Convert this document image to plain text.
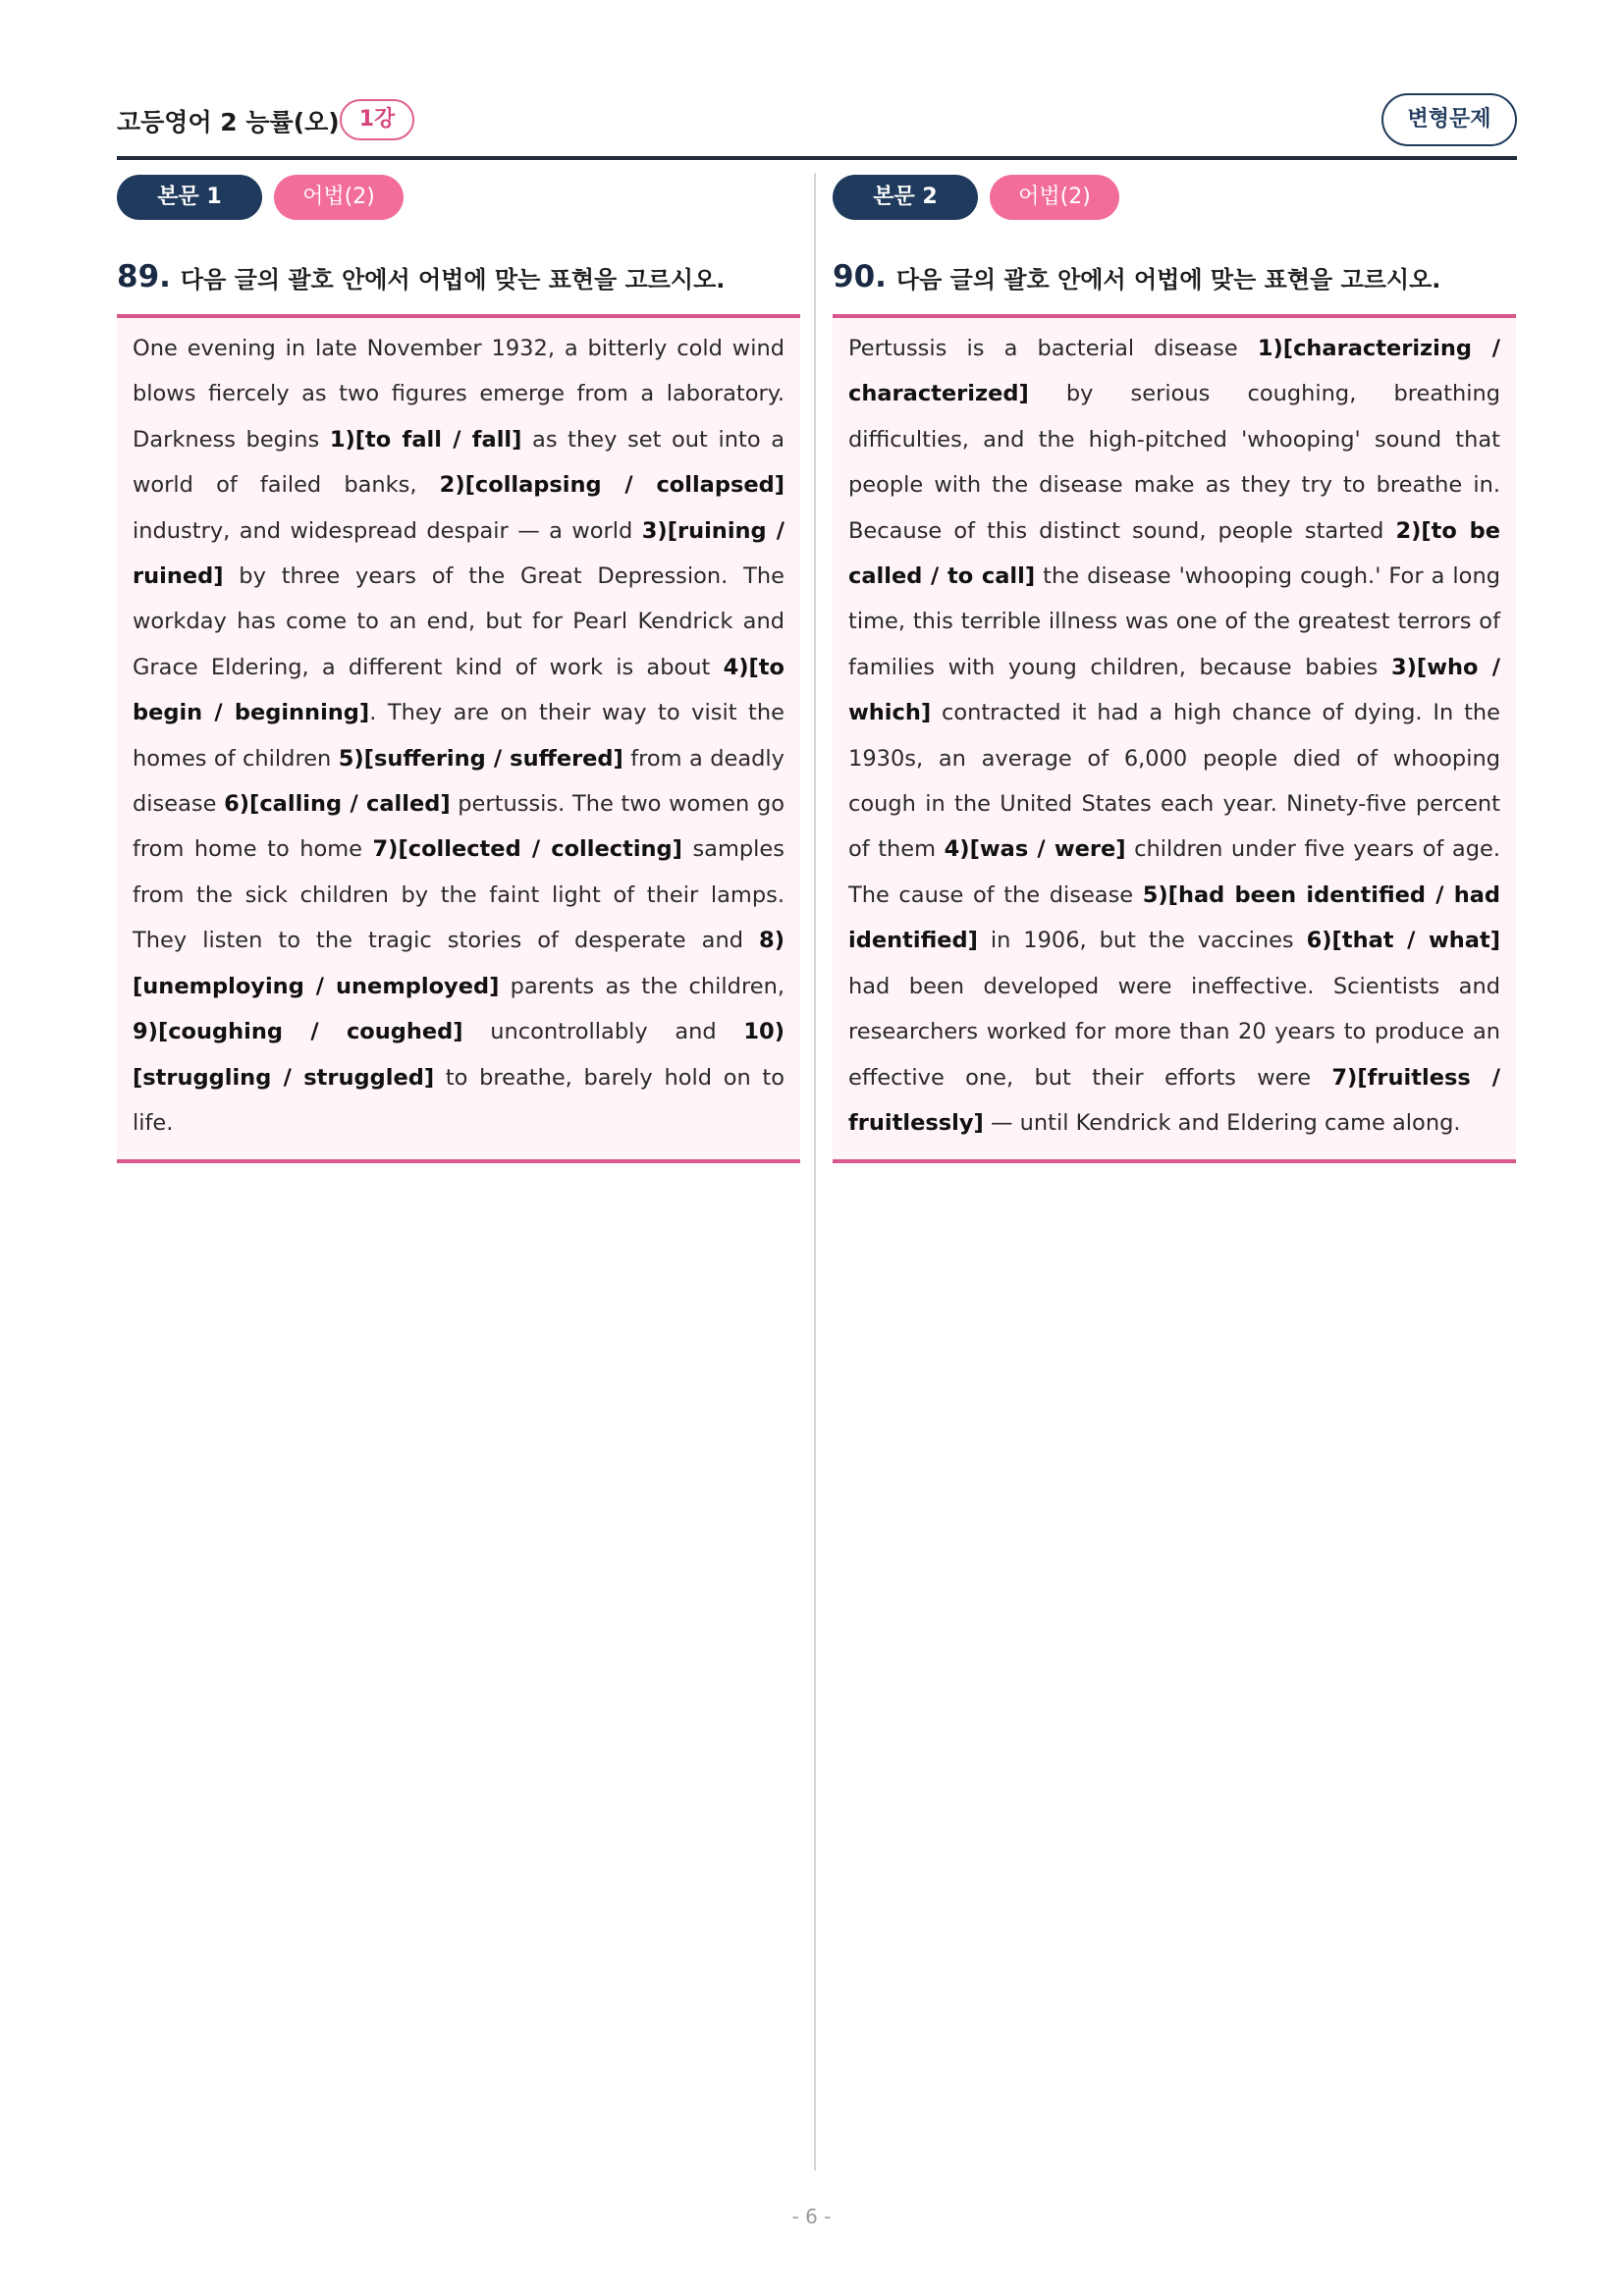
고등영어 2 능률(오) 1강	변형문제
본문 1	어법(2)
89. 다음 글의 괄호 안에서 어법에 맞는 표현을 고르시오.
One evening in late November 1932, a bitterly cold wind blows fiercely as two figures emerge from a laboratory. Darkness begins 1)[to fall / fall] as they set out into a world of failed banks, 2)[collapsing / collapsed] industry, and widespread despair — a world 3)[ruining / ruined] by three years of the Great Depression. The workday has come to an end, but for Pearl Kendrick and Grace Eldering, a different kind of work is about 4)[to begin / beginning]. They are on their way to visit the homes of children 5)[suffering / suffered] from a deadly disease 6)[calling / called] pertussis. The two women go from home to home 7)[collected / collecting] samples from the sick children by the faint light of their lamps. They listen to the tragic stories of desperate and 8)[unemploying / unemployed] parents as the children, 9)[coughing / coughed] uncontrollably and 10)[struggling / struggled] to breathe, barely hold on to life.
본문 2	어법(2)
90. 다음 글의 괄호 안에서 어법에 맞는 표현을 고르시오.
Pertussis is a bacterial disease 1)[characterizing / characterized] by serious coughing, breathing difficulties, and the high-pitched 'whooping' sound that people with the disease make as they try to breathe in. Because of this distinct sound, people started 2)[to be called / to call] the disease 'whooping cough.' For a long time, this terrible illness was one of the greatest terrors of families with young children, because babies 3)[who / which] contracted it had a high chance of dying. In the 1930s, an average of 6,000 people died of whooping cough in the United States each year. Ninety-five percent of them 4)[was / were] children under five years of age. The cause of the disease 5)[had been identified / had identified] in 1906, but the vaccines 6)[that / what] had been developed were ineffective. Scientists and researchers worked for more than 20 years to produce an effective one, but their efforts were 7)[fruitless / fruitlessly] — until Kendrick and Eldering came along.
- 6 -
